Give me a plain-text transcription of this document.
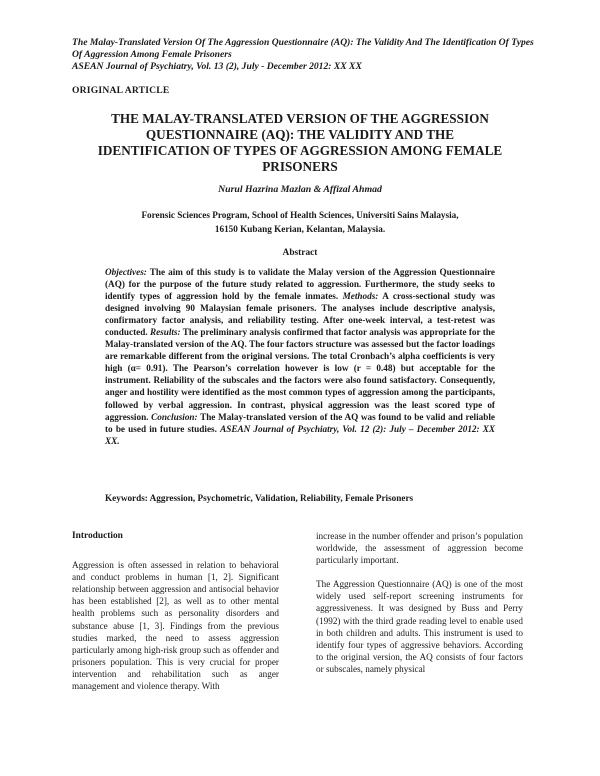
The Malay-Translated Version Of The Aggression Questionnaire (AQ): The Validity And The Identification Of Types Of Aggression Among Female Prisoners
ASEAN Journal of Psychiatry, Vol. 13 (2), July - December 2012: XX XX
ORIGINAL ARTICLE
THE MALAY-TRANSLATED VERSION OF THE AGGRESSION QUESTIONNAIRE (AQ): THE VALIDITY AND THE IDENTIFICATION OF TYPES OF AGGRESSION AMONG FEMALE PRISONERS
Nurul Hazrina Mazlan & Affizal Ahmad
Forensic Sciences Program, School of Health Sciences, Universiti Sains Malaysia,
16150 Kubang Kerian, Kelantan, Malaysia.
Abstract
Objectives: The aim of this study is to validate the Malay version of the Aggression Questionnaire (AQ) for the purpose of the future study related to aggression. Furthermore, the study seeks to identify types of aggression hold by the female inmates. Methods: A cross-sectional study was designed involving 90 Malaysian female prisoners. The analyses include descriptive analysis, confirmatory factor analysis, and reliability testing. After one-week interval, a test-retest was conducted. Results: The preliminary analysis confirmed that factor analysis was appropriate for the Malay-translated version of the AQ. The four factors structure was assessed but the factor loadings are remarkable different from the original versions. The total Cronbach’s alpha coefficients is very high (α= 0.91). The Pearson’s correlation however is low (r = 0.48) but acceptable for the instrument. Reliability of the subscales and the factors were also found satisfactory. Consequently, anger and hostility were identified as the most common types of aggression among the participants, followed by verbal aggression. In contrast, physical aggression was the least scored type of aggression. Conclusion: The Malay-translated version of the AQ was found to be valid and reliable to be used in future studies. ASEAN Journal of Psychiatry, Vol. 12 (2): July – December 2012: XX XX.
Keywords: Aggression, Psychometric, Validation, Reliability, Female Prisoners
Introduction

Aggression is often assessed in relation to behavioral and conduct problems in human [1, 2]. Significant relationship between aggression and antisocial behavior has been established [2], as well as to other mental health problems such as personality disorders and substance abuse [1, 3]. Findings from the previous studies marked, the need to assess aggression particularly among high-risk group such as offender and prisoners population. This is very crucial for proper intervention and rehabilitation such as anger management and violence therapy. With

increase in the number offender and prison’s population worldwide, the assessment of aggression become particularly important.

The Aggression Questionnaire (AQ) is one of the most widely used self-report screening instruments for aggressiveness. It was designed by Buss and Perry (1992) with the third grade reading level to enable used in both children and adults. This instrument is used to identify four types of aggressive behaviors. According to the original version, the AQ consists of four factors or subscales, namely physical
